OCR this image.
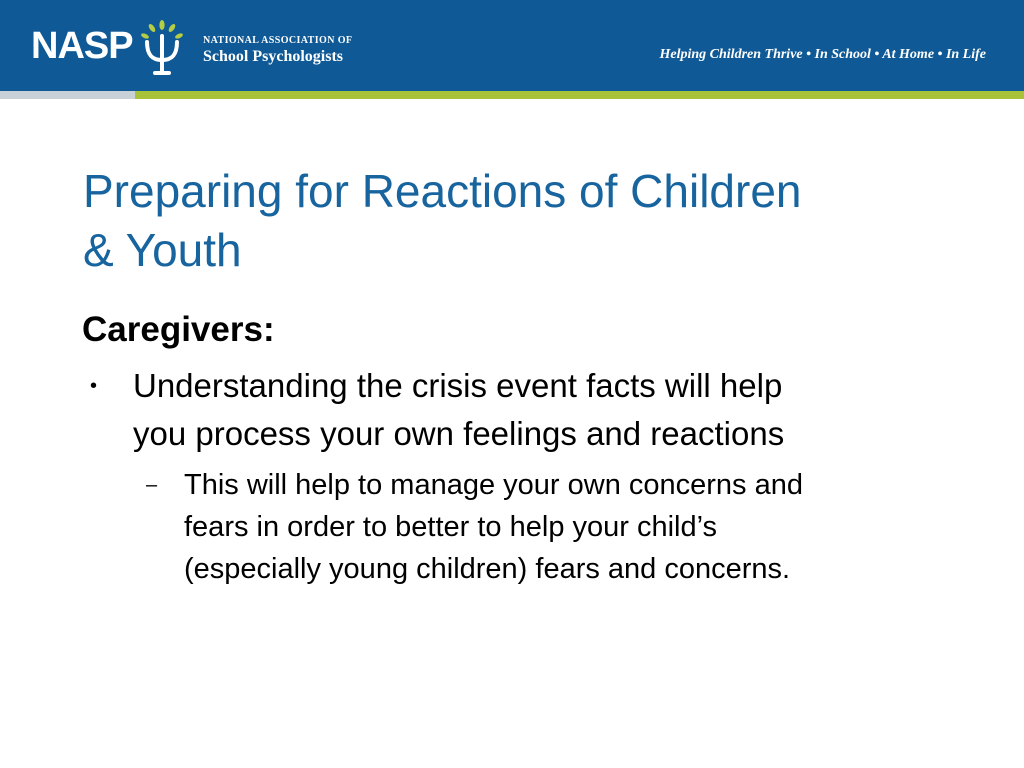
NASP	NATIONAL ASSOCIATION OF
School Psychologists	Helping Children Thrive • In School • At Home • In Life
Preparing for Reactions of Children
& Youth
Caregivers:
• Understanding the crisis event facts will help
you process your own feelings and reactions
– This will help to manage your own concerns and
fears in order to better to help your child’s
(especially young children) fears and concerns.
